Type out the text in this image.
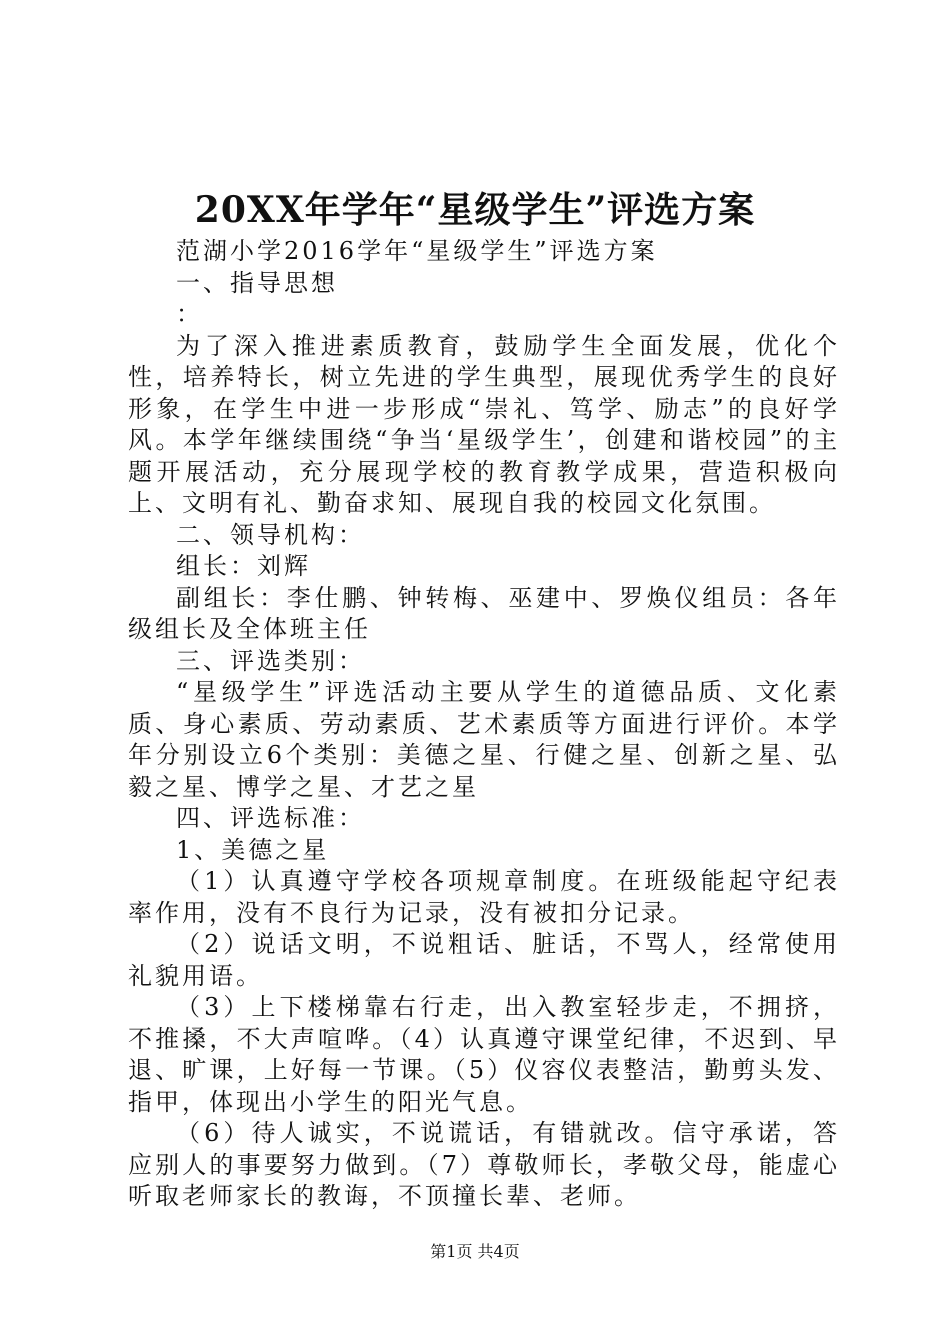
20XX年学年“星级学生”评选方案

范湖小学2016学年“星级学生”评选方案

一、指导思想

：

为了深入推进素质教育，鼓励学生全面发展，优化个性，培养特长，树立先进的学生典型，展现优秀学生的良好形象，在学生中进一步形成“崇礼、笃学、励志”的良好学风。本学年继续围绕“争当‘星级学生’，创建和谐校园”的主题开展活动，充分展现学校的教育教学成果，营造积极向上、文明有礼、勤奋求知、展现自我的校园文化氛围。

二、领导机构：

组长：刘辉

副组长：李仕鹏、钟转梅、巫建中、罗焕仪组员：各年级组长及全体班主任

三、评选类别：

“星级学生”评选活动主要从学生的道德品质、文化素质、身心素质、劳动素质、艺术素质等方面进行评价。本学年分别设立6个类别：美德之星、行健之星、创新之星、弘毅之星、博学之星、才艺之星

四、评选标准：

1、美德之星

（1）认真遵守学校各项规章制度。在班级能起守纪表率作用，没有不良行为记录，没有被扣分记录。

（2）说话文明，不说粗话、脏话，不骂人，经常使用礼貌用语。

（3）上下楼梯靠右行走，出入教室轻步走，不拥挤，不推搡，不大声喧哗。（4）认真遵守课堂纪律，不迟到、早退、旷课，上好每一节课。（5）仪容仪表整洁，勤剪头发、指甲，体现出小学生的阳光气息。

（6）待人诚实，不说谎话，有错就改。信守承诺，答应别人的事要努力做到。（7）尊敬师长，孝敬父母，能虚心听取老师家长的教诲，不顶撞长辈、老师。

第1页 共4页
